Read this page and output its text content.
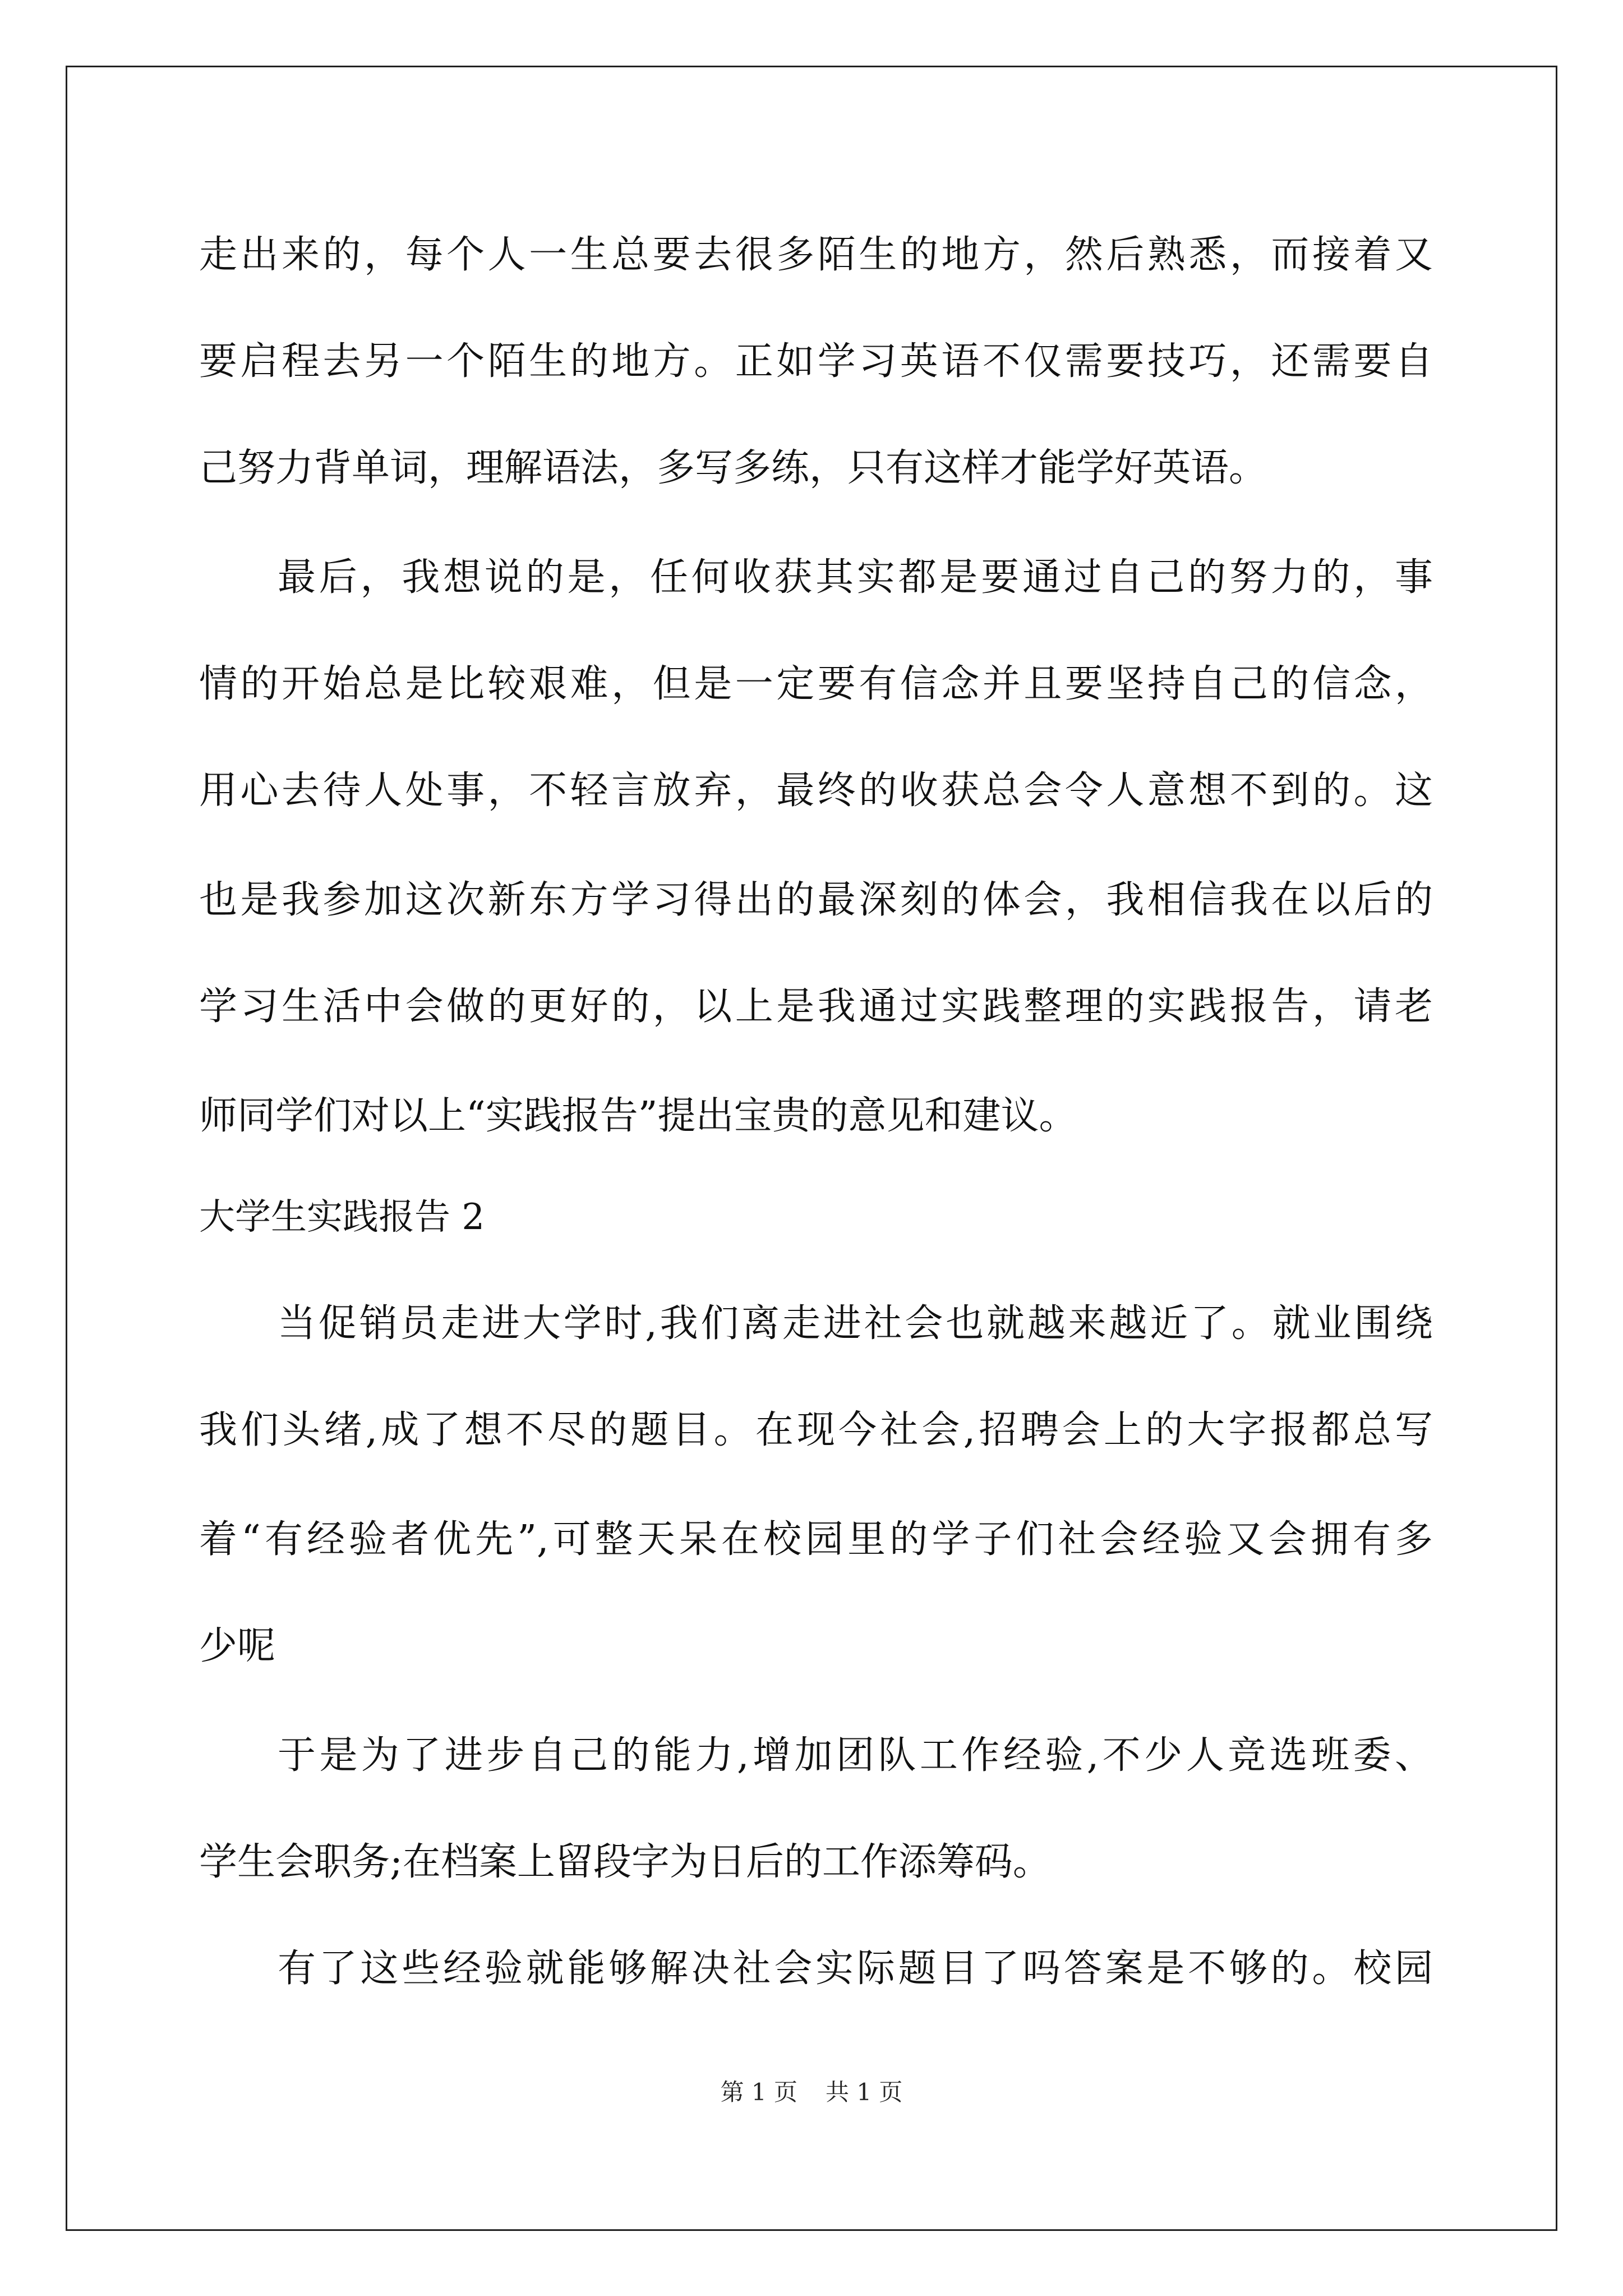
走出来的，每个人一生总要去很多陌生的地方，然后熟悉，而接着又
要启程去另一个陌生的地方。正如学习英语不仅需要技巧，还需要自
己努力背单词，理解语法，多写多练，只有这样才能学好英语。
最后，我想说的是，任何收获其实都是要通过自己的努力的，事
情的开始总是比较艰难，但是一定要有信念并且要坚持自己的信念，
用心去待人处事，不轻言放弃，最终的收获总会令人意想不到的。这
也是我参加这次新东方学习得出的最深刻的体会，我相信我在以后的
学习生活中会做的更好的，以上是我通过实践整理的实践报告，请老
师同学们对以上“实践报告”提出宝贵的意见和建议。
大学生实践报告 2
当促销员走进大学时,我们离走进社会也就越来越近了。就业围绕
我们头绪,成了想不尽的题目。在现今社会,招聘会上的大字报都总写
着“有经验者优先”,可整天呆在校园里的学子们社会经验又会拥有多
少呢
于是为了进步自己的能力,增加团队工作经验,不少人竞选班委、
学生会职务;在档案上留段字为日后的工作添筹码。
有了这些经验就能够解决社会实际题目了吗答案是不够的。校园
第 1 页 共 1 页
